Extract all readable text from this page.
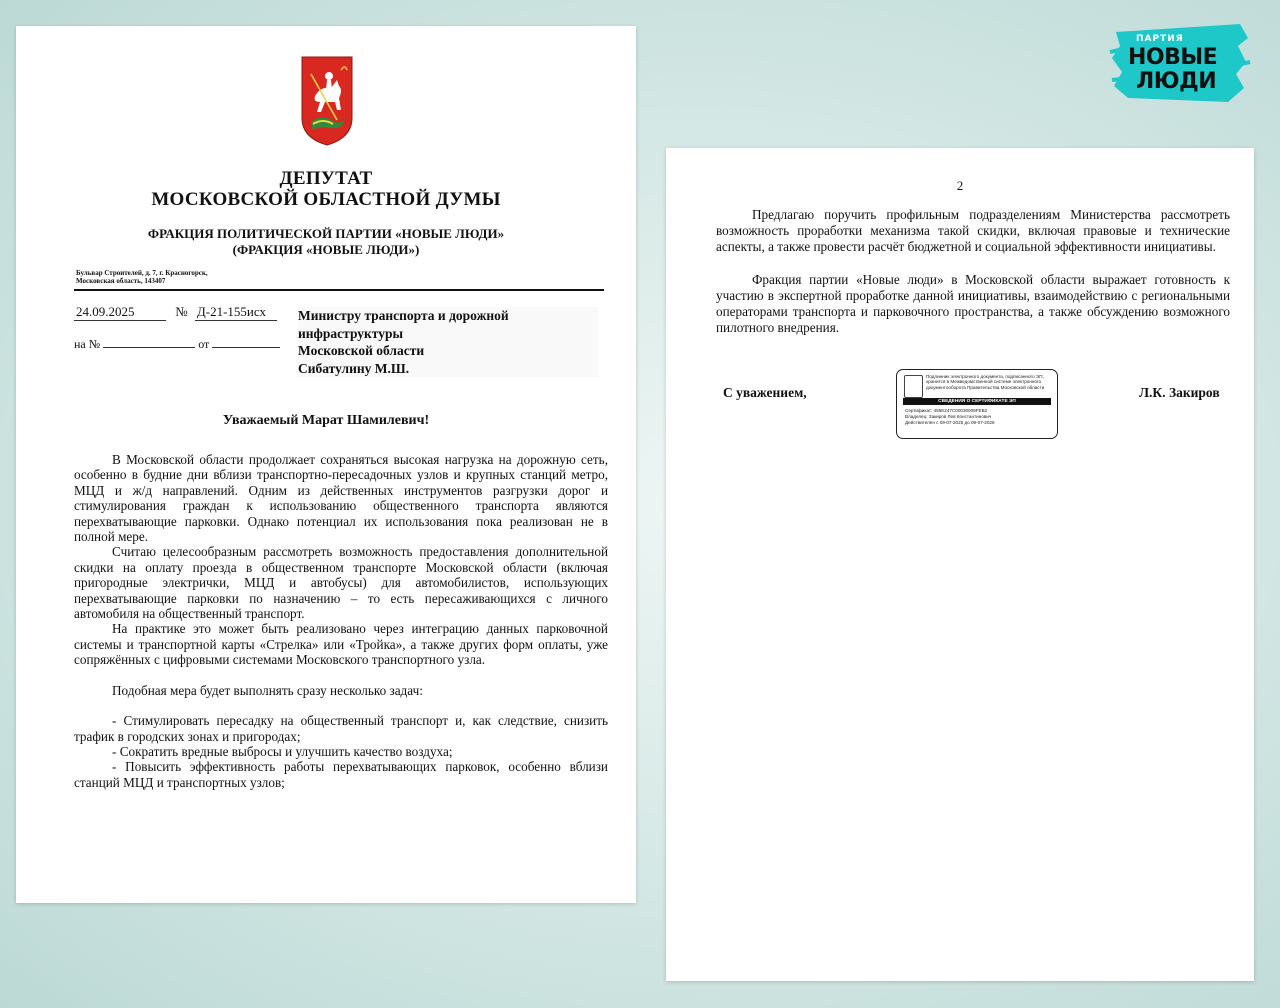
ДЕПУТАТ
МОСКОВСКОЙ ОБЛАСТНОЙ ДУМЫ
ФРАКЦИЯ ПОЛИТИЧЕСКОЙ ПАРТИИ «НОВЫЕ ЛЮДИ»
(ФРАКЦИЯ «НОВЫЕ ЛЮДИ»)
Бульвар Строителей, д. 7, г. Красногорск,
Московская область, 143407
24.09.2025	№ Д-21-155исх
на №	от
Министру транспорта и дорожной
инфраструктуры
Московской области
Сибатулину М.Ш.
Уважаемый Марат Шамилевич!

В Московской области продолжает сохраняться высокая нагрузка на дорожную сеть, особенно в будние дни вблизи транспортно-пересадочных узлов и крупных станций метро, МЦД и ж/д направлений. Одним из действенных инструментов разгрузки дорог и стимулирования граждан к использованию общественного транспорта являются перехватывающие парковки. Однако потенциал их использования пока реализован не в полной мере.

Считаю целесообразным рассмотреть возможность предоставления дополнительной скидки на оплату проезда в общественном транспорте Московской области (включая пригородные электрички, МЦД и автобусы) для автомобилистов, использующих перехватывающие парковки по назначению – то есть пересаживающихся с личного автомобиля на общественный транспорт.

На практике это может быть реализовано через интеграцию данных парковочной системы и транспортной карты «Стрелка» или «Тройка», а также других форм оплаты, уже сопряжённых с цифровыми системами Московского транспортного узла.

Подобная мера будет выполнять сразу несколько задач:

- Стимулировать пересадку на общественный транспорт и, как следствие, снизить трафик в городских зонах и пригородах;

- Сократить вредные выбросы и улучшить качество воздуха;

- Повысить эффективность работы перехватывающих парковок, особенно вблизи станций МЦД и транспортных узлов;

2

Предлагаю поручить профильным подразделениям Министерства рассмотреть возможность проработки механизма такой скидки, включая правовые и технические аспекты, а также провести расчёт бюджетной и социальной эффективности инициативы.

Фракция партии «Новые люди» в Московской области выражает готовность к участию в экспертной проработке данной инициативы, взаимодействию с региональными операторами транспорта и парковочного пространства, а также обсуждению возможного пилотного внедрения.

С уважением,
Подлинник электронного документа, подписанного ЭП, хранится в Межведомственной системе электронного документооборота Правительства Московской области
СВЕДЕНИЯ О СЕРТИФИКАТЕ ЭП
Сертификат: 455E247C00030009FEB2
Владелец: Закиров Лев Константинович
Действителен с 09-07-2025 до 09-07-2026
Л.К. Закиров
ПАРТИЯ
НОВЫЕ
ЛЮДИ
